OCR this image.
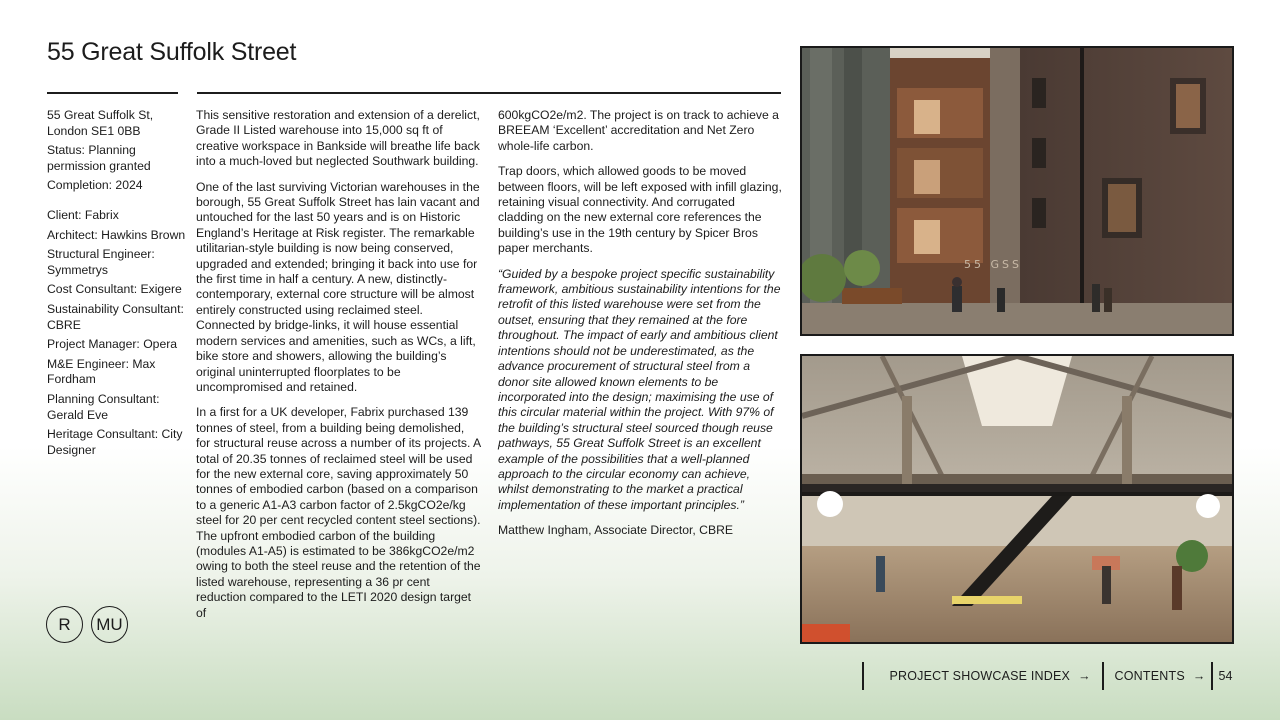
55 Great Suffolk Street
55 Great Suffolk St, London SE1 0BB
Status: Planning permission granted
Completion: 2024
Client: Fabrix
Architect: Hawkins Brown
Structural Engineer: Symmetrys
Cost Consultant: Exigere
Sustainability Consultant: CBRE
Project Manager: Opera
M&E Engineer: Max Fordham
Planning Consultant: Gerald Eve
Heritage Consultant: City Designer

This sensitive restoration and extension of a derelict, Grade II Listed warehouse into 15,000 sq ft of creative workspace in Bankside will breathe life back into a much-loved but neglected Southwark building.

One of the last surviving Victorian warehouses in the borough, 55 Great Suffolk Street has lain vacant and untouched for the last 50 years and is on Historic England’s Heritage at Risk register. The remarkable utilitarian-style building is now being conserved, upgraded and extended; bringing it back into use for the first time in half a century. A new, distinctly-contemporary, external core structure will be almost entirely constructed using reclaimed steel. Connected by bridge-links, it will house essential modern services and amenities, such as WCs, a lift, bike store and showers, allowing the building’s original uninterrupted floorplates to be uncompromised and retained.

In a first for a UK developer, Fabrix purchased 139 tonnes of steel, from a building being demolished, for structural reuse across a number of its projects. A total of 20.35 tonnes of reclaimed steel will be used for the new external core, saving approximately 50 tonnes of embodied carbon (based on a comparison to a generic A1-A3 carbon factor of 2.5kgCO2e/kg steel for 20 per cent recycled content steel sections). The upfront embodied carbon of the building (modules A1-A5) is estimated to be 386kgCO2e/m2 owing to both the steel reuse and the retention of the listed warehouse, representing a 36 pr cent reduction compared to the LETI 2020 design target of

600kgCO2e/m2. The project is on track to achieve a BREEAM ‘Excellent’ accreditation and Net Zero whole-life carbon.

Trap doors, which allowed goods to be moved between floors, will be left exposed with infill glazing, retaining visual connectivity. And corrugated cladding on the new external core references the building’s use in the 19th century by Spicer Bros paper merchants.

“Guided by a bespoke project specific sustainability framework, ambitious sustainability intentions for the retrofit of this listed warehouse were set from the outset, ensuring that they remained at the fore throughout. The impact of early and ambitious client intentions should not be underestimated, as the advance procurement of structural steel from a donor site allowed known elements to be incorporated into the design; maximising the use of this circular material within the project. With 97% of the building’s structural steel sourced though reuse pathways, 55 Great Suffolk Street is an excellent example of the possibilities that a well-planned approach to the circular economy can achieve, whilst demonstrating to the market a practical implementation of these important principles.”

Matthew Ingham, Associate Director, CBRE

55 GSS
R	MU
PROJECT SHOWCASE INDEX → CONTENTS → 54
